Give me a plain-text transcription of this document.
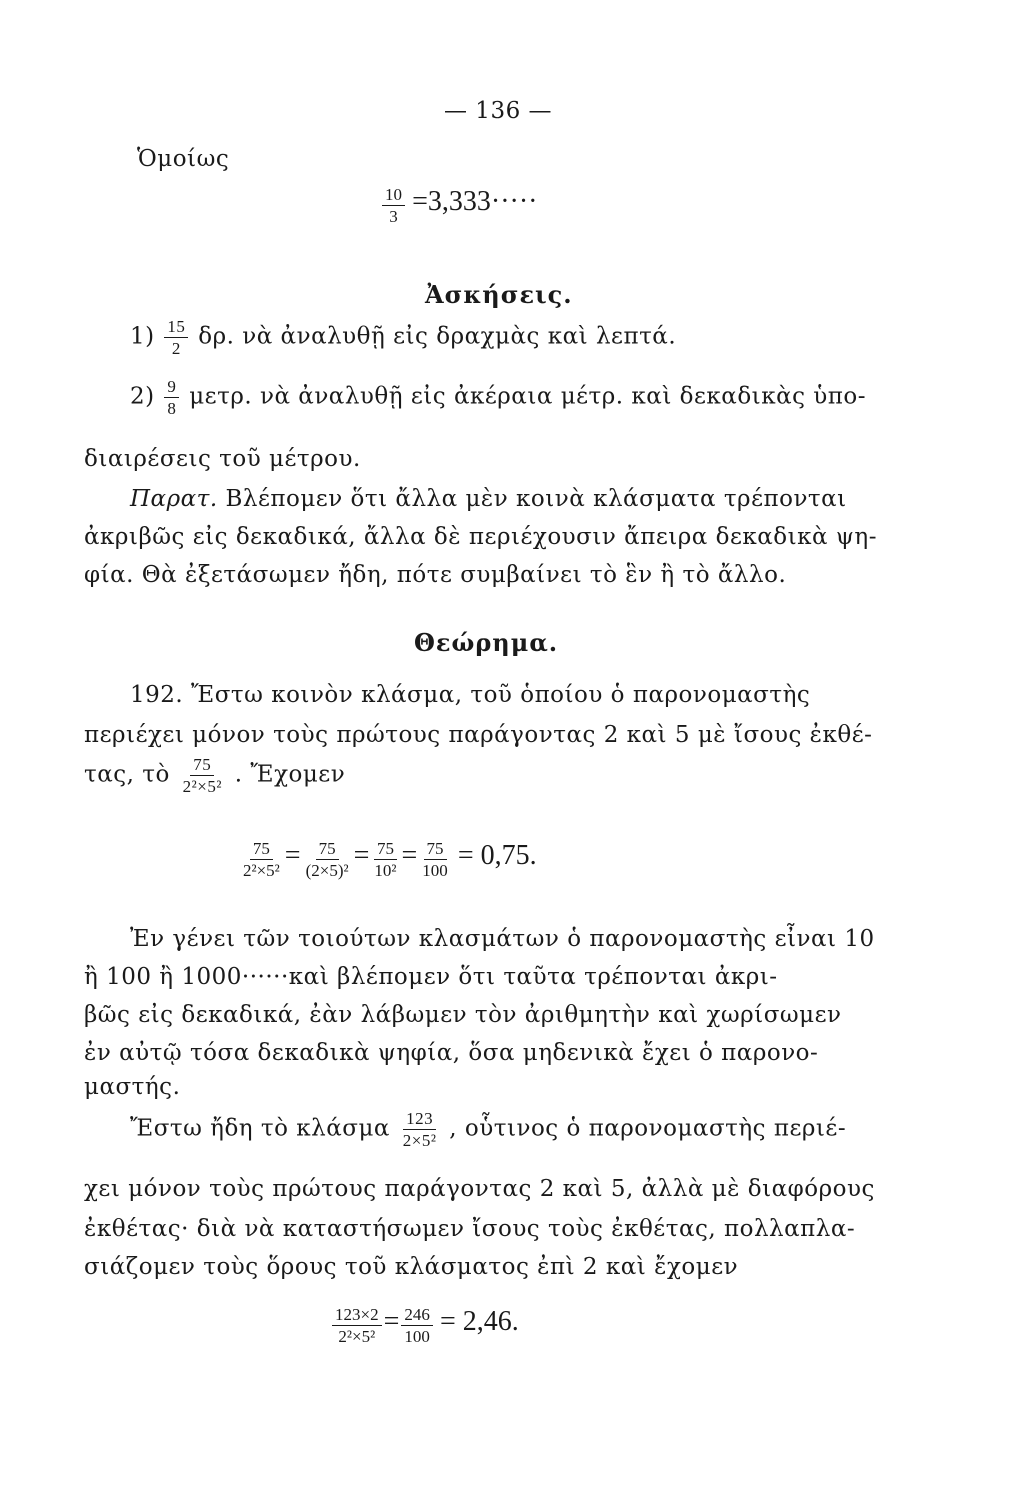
— 136 —
Ὁμοίως
$\frac{10}{3} =3,333\cdot\cdot\cdot\cdot\cdot$
Ἀσκήσεις.
$1) \frac{15}{2} \delta\rho$. νὰ ἀναλυθῇ εἰς δραχμὰς καὶ λεπτά.
$2) \frac{9}{8} \mu\varepsilon\tau\rho$. νὰ ἀναλυθῇ εἰς ἀκέραια μέτρ. καὶ δεκαδικὰς ὑπο-
διαιρέσεις τοῦ μέτρου.
Παρατ. Βλέπομεν ὅτι ἄλλα μὲν κοινὰ κλάσματα τρέπονται
ἀκριβῶς εἰς δεκαδικά, ἄλλα δὲ περιέχουσιν ἄπειρα δεκαδικὰ ψη-
φία. Θὰ ἐξετάσωμεν ἤδη, πότε συμβαίνει τὸ ἓν ἢ τὸ ἄλλο.
Θεώρημα.
192. Ἔστω κοινὸν κλάσμα, τοῦ ὁποίου ὁ παρονομαστὴς
περιέχει μόνον τοὺς πρώτους παράγοντας 2 καὶ 5 μὲ ἴσους ἐκθέ-
τας, τὸ $\frac{75}{\text{2²×5²}}$ . Ἔχομεν
$\frac{75}{\text{2²×5²}} = \frac{75}{\text{(2×5)²}} = \frac{75}{\text{10²}} = \frac{75}{100} = 0,75$.
Ἐν γένει τῶν τοιούτων κλασμάτων ὁ παρονομαστὴς εἶναι 10
ἢ 100 ἢ 1000······καὶ βλέπομεν ὅτι ταῦτα τρέπονται ἀκρι-
βῶς εἰς δεκαδικά, ἐὰν λάβωμεν τὸν ἀριθμητὴν καὶ χωρίσωμεν
ἐν αὐτῷ τόσα δεκαδικὰ ψηφία, ὅσα μηδενικὰ ἔχει ὁ παρονο-
μαστής.
Ἔστω ἤδη τὸ κλάσμα $\frac{123}{\text{2×5²}}$ , οὗτινος ὁ παρονομαστὴς περιέ-
χει μόνον τοὺς πρώτους παράγοντας 2 καὶ 5, ἀλλὰ μὲ διαφόρους
ἐκθέτας· διὰ νὰ καταστήσωμεν ἴσους τοὺς ἐκθέτας, πολλαπλα-
σιάζομεν τοὺς ὅρους τοῦ κλάσματος ἐπὶ 2 καὶ ἔχομεν
$\frac{123\times 2}{\text{2²×5²}} = \frac{246}{100} = 2,46$.
